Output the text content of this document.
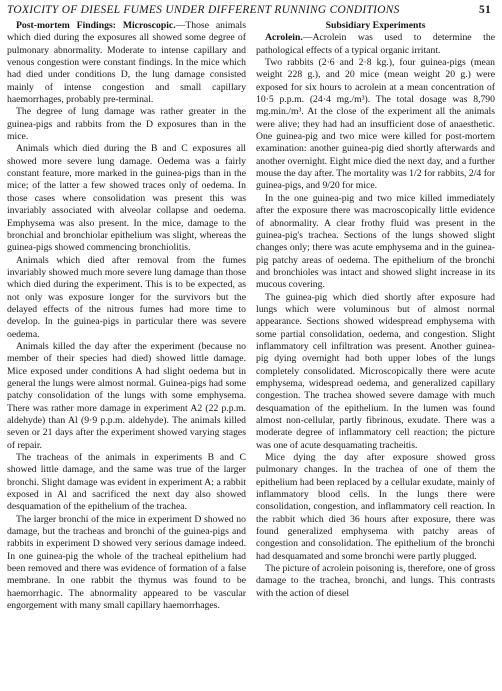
TOXICITY OF DIESEL FUMES UNDER DIFFERENT RUNNING CONDITIONS	51

Post-mortem Findings: Microscopic.—Those animals which died during the exposures all showed some degree of pulmonary abnormality. Moderate to intense capillary and venous congestion were constant findings. In the mice which had died under conditions D, the lung damage consisted mainly of intense congestion and small capillary haemorrhages, probably pre-terminal.

The degree of lung damage was rather greater in the guinea-pigs and rabbits from the D exposures than in the mice.

Animals which died during the B and C exposures all showed more severe lung damage. Oedema was a fairly constant feature, more marked in the guinea-pigs than in the mice; of the latter a few showed traces only of oedema. In those cases where consolidation was present this was invariably associated with alveolar collapse and oedema. Emphysema was also present. In the mice, damage to the bronchial and bronchiolar epithelium was slight, whereas the guinea-pigs showed commencing bronchiolitis.

Animals which died after removal from the fumes invariably showed much more severe lung damage than those which died during the experiment. This is to be expected, as not only was exposure longer for the survivors but the delayed effects of the nitrous fumes had more time to develop. In the guinea-pigs in particular there was severe oedema.

Animals killed the day after the experiment (because no member of their species had died) showed little damage. Mice exposed under conditions A had slight oedema but in general the lungs were almost normal. Guinea-pigs had some patchy consolidation of the lungs with some emphysema. There was rather more damage in experiment A2 (22 p.p.m. aldehyde) than Al (9·9 p.p.m. aldehyde). The animals killed seven or 21 days after the experiment showed varying stages of repair.

The tracheas of the animals in experiments B and C showed little damage, and the same was true of the larger bronchi. Slight damage was evident in experiment A; a rabbit exposed in Al and sacrificed the next day also showed desquamation of the epithelium of the trachea.

The larger bronchi of the mice in experiment D showed no damage, but the tracheas and bronchi of the guinea-pigs and rabbits in experiment D showed very serious damage indeed. In one guinea-pig the whole of the tracheal epithelium had been removed and there was evidence of formation of a false membrane. In one rabbit the thymus was found to be haemorrhagic. The abnormality appeared to be vascular engorgement with many small capillary haemorrhages.

Subsidiary Experiments

Acrolein.—Acrolein was used to determine the pathological effects of a typical organic irritant.

Two rabbits (2·6 and 2·8 kg.), four guinea-pigs (mean weight 228 g.), and 20 mice (mean weight 20 g.) were exposed for six hours to acrolein at a mean concentration of 10·5 p.p.m. (24·4 mg./m³). The total dosage was 8,790 mg.min./m³. At the close of the experiment all the animals were alive; they had had an insufficient dose of anaesthetic. One guinea-pig and two mice were killed for post-mortem examination: another guinea-pig died shortly afterwards and another overnight. Eight mice died the next day, and a further mouse the day after. The mortality was 1/2 for rabbits, 2/4 for guinea-pigs, and 9/20 for mice.

In the one guinea-pig and two mice killed immediately after the exposure there was macroscopically little evidence of abnormality. A clear frothy fluid was present in the guinea-pig's trachea. Sections of the lungs showed slight changes only; there was acute emphysema and in the guinea-pig patchy areas of oedema. The epithelium of the bronchi and bronchioles was intact and showed slight increase in its mucous covering.

The guinea-pig which died shortly after exposure had lungs which were voluminous but of almost normal appearance. Sections showed widespread emphysema with some partial consolidation, oedema, and congestion. Slight inflammatory cell infiltration was present. Another guinea-pig dying overnight had both upper lobes of the lungs completely consolidated. Microscopically there were acute emphysema, widespread oedema, and generalized capillary congestion. The trachea showed severe damage with much desquamation of the epithelium. In the lumen was found almost non-cellular, partly fibrinous, exudate. There was a moderate degree of inflammatory cell reaction; the picture was one of acute desquamating tracheitis.

Mice dying the day after exposure showed gross pulmonary changes. In the trachea of one of them the epithelium had been replaced by a cellular exudate, mainly of inflammatory blood cells. In the lungs there were consolidation, congestion, and inflammatory cell reaction. In the rabbit which died 36 hours after exposure, there was found generalized emphysema with patchy areas of congestion and consolidation. The epithelium of the bronchi had desquamated and some bronchi were partly plugged.

The picture of acrolein poisoning is, therefore, one of gross damage to the trachea, bronchi, and lungs. This contrasts with the action of diesel
